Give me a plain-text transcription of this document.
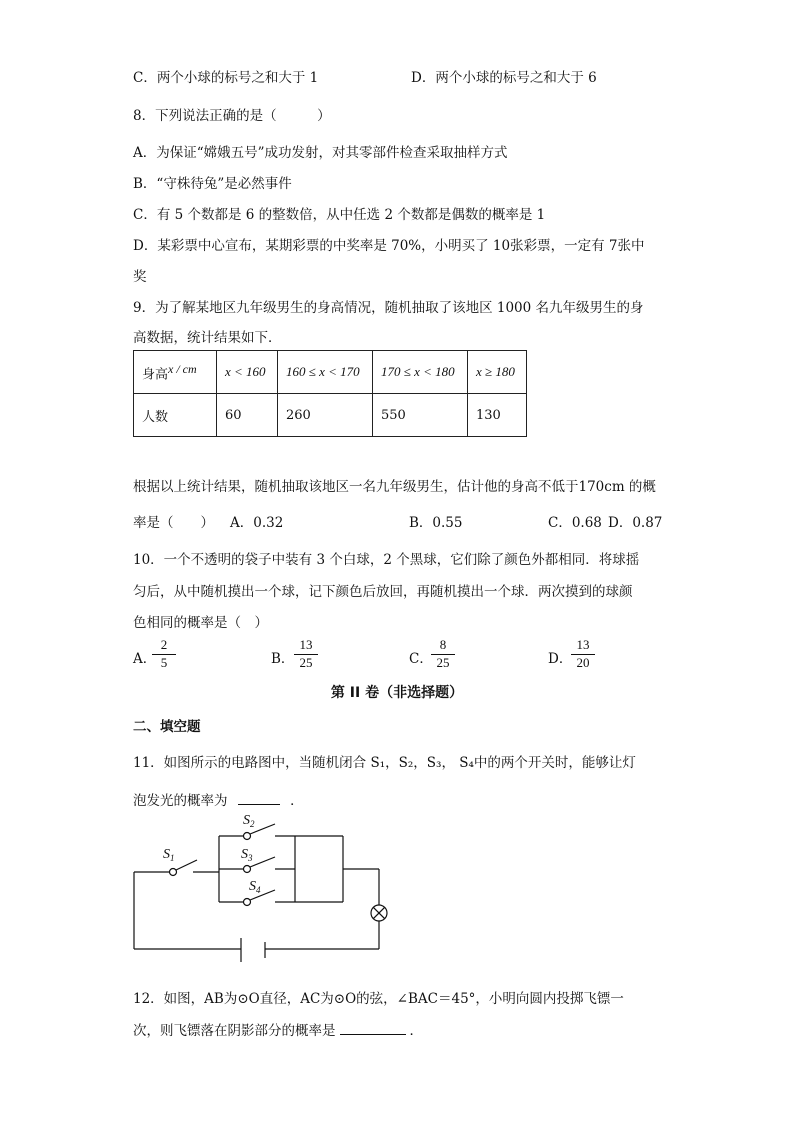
C．两个小球的标号之和大于 1	D．两个小球的标号之和大于 6
8．下列说法正确的是（　　　）
A．为保证“嫦娥五号”成功发射，对其零部件检查采取抽样方式
B．“守株待兔”是必然事件
C．有 5 个数都是 6 的整数倍，从中任选 2 个数都是偶数的概率是 1
D．某彩票中心宣布，某期彩票的中奖率是 70%，小明买了 10张彩票，一定有 7张中
奖
9．为了解某地区九年级男生的身高情况，随机抽取了该地区 1000 名九年级男生的身
高数据，统计结果如下．
身高$^{x / cm}$	x < 160	160 ≤ x < 170	170 ≤ x < 180	x ≥ 180
人数	60	260	550	130
根据以上统计结果，随机抽取该地区一名九年级男生，估计他的身高不低于170cm 的概
率是（　　） A．0.32	B．0.55	C．0.68 D．0.87
10．一个不透明的袋子中装有 3 个白球，2 个黑球，它们除了颜色外都相同．将球摇
匀后，从中随机摸出一个球，记下颜色后放回，再随机摸出一个球．两次摸到的球颜
色相同的概率是（　）
A．
2
5	B．
13
25	C．
8
25	D．
13
20
第 II 卷（非选择题）
二、填空题
11．如图所示的电路图中，当随机闭合 S₁，S₂，S₃， S₄中的两个开关时，能够让灯
泡发光的概率为	．
$S_1$
$S_2$
$S_3$
$S_4$
12．如图，AB为⊙O直径，AC为⊙O的弦，∠BAC＝45°，小明向圆内投掷飞镖一
次，则飞镖落在阴影部分的概率是	．
